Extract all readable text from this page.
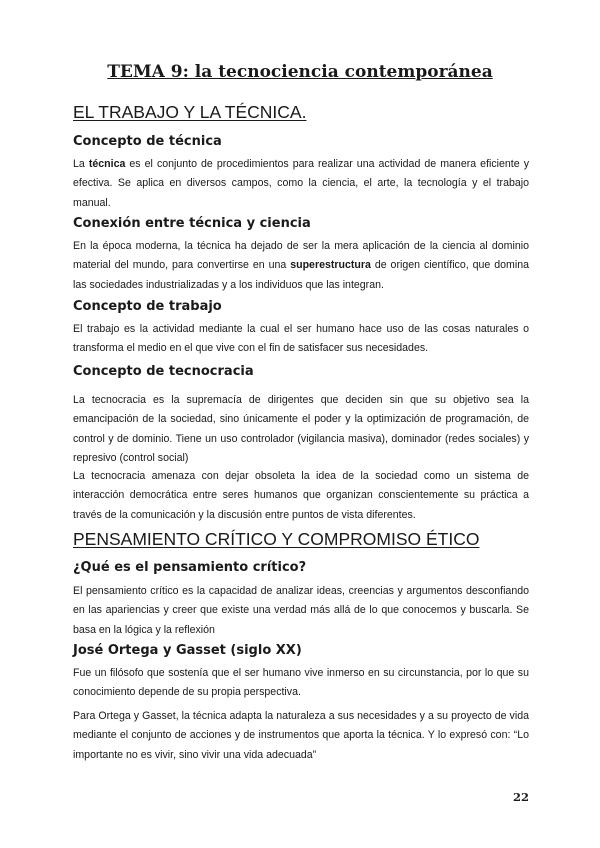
TEMA 9: la tecnociencia contemporánea
EL TRABAJO Y LA TÉCNICA.
Concepto de técnica
La técnica es el conjunto de procedimientos para realizar una actividad de manera eficiente y efectiva. Se aplica en diversos campos, como la ciencia, el arte, la tecnología y el trabajo manual.
Conexión entre técnica y ciencia
En la época moderna, la técnica ha dejado de ser la mera aplicación de la ciencia al dominio material del mundo, para convertirse en una superestructura de origen científico, que domina las sociedades industrializadas y a los individuos que las integran.
Concepto de trabajo
El trabajo es la actividad mediante la cual el ser humano hace uso de las cosas naturales o transforma el medio en el que vive con el fin de satisfacer sus necesidades.
Concepto de tecnocracia
La tecnocracia es la supremacía de dirigentes que deciden sin que su objetivo sea la emancipación de la sociedad, sino únicamente el poder y la optimización de programación, de control y de dominio. Tiene un uso controlador (vigilancia masiva), dominador (redes sociales) y represivo (control social)
La tecnocracia amenaza con dejar obsoleta la idea de la sociedad como un sistema de interacción democrática entre seres humanos que organizan conscientemente su práctica a través de la comunicación y la discusión entre puntos de vista diferentes.
PENSAMIENTO CRÍTICO Y COMPROMISO ÉTICO
¿Qué es el pensamiento crítico?
El pensamiento crítico es la capacidad de analizar ideas, creencias y argumentos desconfiando en las apariencias y creer que existe una verdad más allá de lo que conocemos y buscarla. Se basa en la lógica y la reflexión
José Ortega y Gasset (siglo XX)
Fue un filósofo que sostenía que el ser humano vive inmerso en su circunstancia, por lo que su conocimiento depende de su propia perspectiva.
Para Ortega y Gasset, la técnica adapta la naturaleza a sus necesidades y a su proyecto de vida mediante el conjunto de acciones y de instrumentos que aporta la técnica. Y lo expresó con: “Lo importante no es vivir, sino vivir una vida adecuada”
22
